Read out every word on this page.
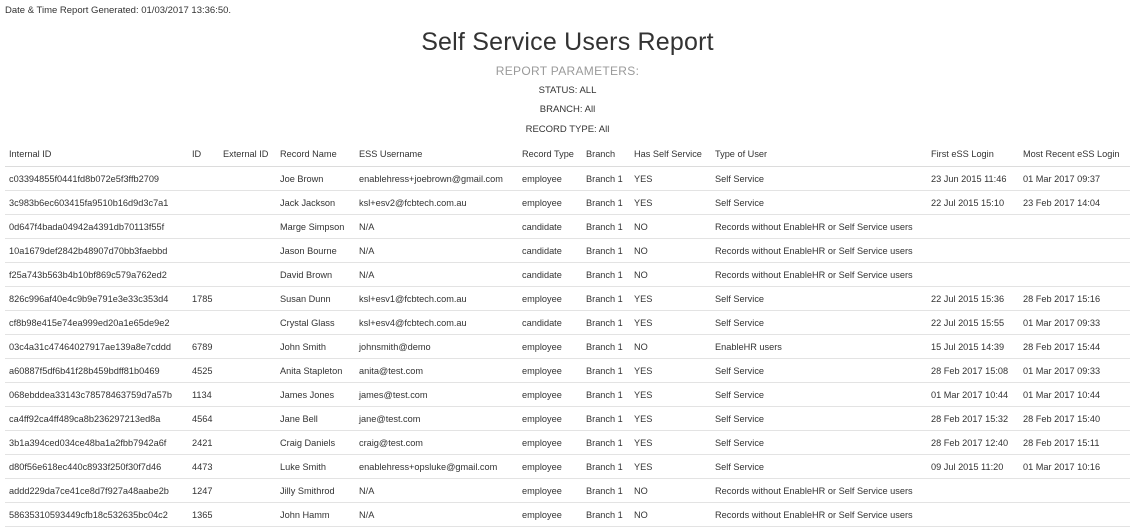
Date & Time Report Generated: 01/03/2017 13:36:50.
Self Service Users Report
REPORT PARAMETERS:
STATUS: ALL
BRANCH: All
RECORD TYPE: All
Internal ID	ID	External ID	Record Name	ESS Username	Record Type	Branch	Has Self Service	Type of User	First eSS Login	Most Recent eSS Login
c03394855f0441fd8b072e5f3ffb2709			Joe Brown	enablehress+joebrown@gmail.com	employee	Branch 1	YES	Self Service	23 Jun 2015 11:46	01 Mar 2017 09:37
3c983b6ec603415fa9510b16d9d3c7a1			Jack Jackson	ksl+esv2@fcbtech.com.au	employee	Branch 1	YES	Self Service	22 Jul 2015 15:10	23 Feb 2017 14:04
0d647f4bada04942a4391db70113f55f			Marge Simpson	N/A	candidate	Branch 1	NO	Records without EnableHR or Self Service users		
10a1679def2842b48907d70bb3faebbd			Jason Bourne	N/A	candidate	Branch 1	NO	Records without EnableHR or Self Service users		
f25a743b563b4b10bf869c579a762ed2			David Brown	N/A	candidate	Branch 1	NO	Records without EnableHR or Self Service users		
826c996af40e4c9b9e791e3e33c353d4	1785		Susan Dunn	ksl+esv1@fcbtech.com.au	employee	Branch 1	YES	Self Service	22 Jul 2015 15:36	28 Feb 2017 15:16
cf8b98e415e74ea999ed20a1e65de9e2			Crystal Glass	ksl+esv4@fcbtech.com.au	candidate	Branch 1	YES	Self Service	22 Jul 2015 15:55	01 Mar 2017 09:33
03c4a31c47464027917ae139a8e7cddd	6789		John Smith	johnsmith@demo	employee	Branch 1	NO	EnableHR users	15 Jul 2015 14:39	28 Feb 2017 15:44
a60887f5df6b41f28b459bdff81b0469	4525		Anita Stapleton	anita@test.com	employee	Branch 1	YES	Self Service	28 Feb 2017 15:08	01 Mar 2017 09:33
068ebddea33143c78578463759d7a57b	1134		James Jones	james@test.com	employee	Branch 1	YES	Self Service	01 Mar 2017 10:44	01 Mar 2017 10:44
ca4ff92ca4ff489ca8b236297213ed8a	4564		Jane Bell	jane@test.com	employee	Branch 1	YES	Self Service	28 Feb 2017 15:32	28 Feb 2017 15:40
3b1a394ced034ce48ba1a2fbb7942a6f	2421		Craig Daniels	craig@test.com	employee	Branch 1	YES	Self Service	28 Feb 2017 12:40	28 Feb 2017 15:11
d80f56e618ec440c8933f250f30f7d46	4473		Luke Smith	enablehress+opsluke@gmail.com	employee	Branch 1	YES	Self Service	09 Jul 2015 11:20	01 Mar 2017 10:16
addd229da7ce41ce8d7f927a48aabe2b	1247		Jilly Smithrod	N/A	employee	Branch 1	NO	Records without EnableHR or Self Service users		
58635310593449cfb18c532635bc04c2	1365		John Hamm	N/A	employee	Branch 1	NO	Records without EnableHR or Self Service users		
